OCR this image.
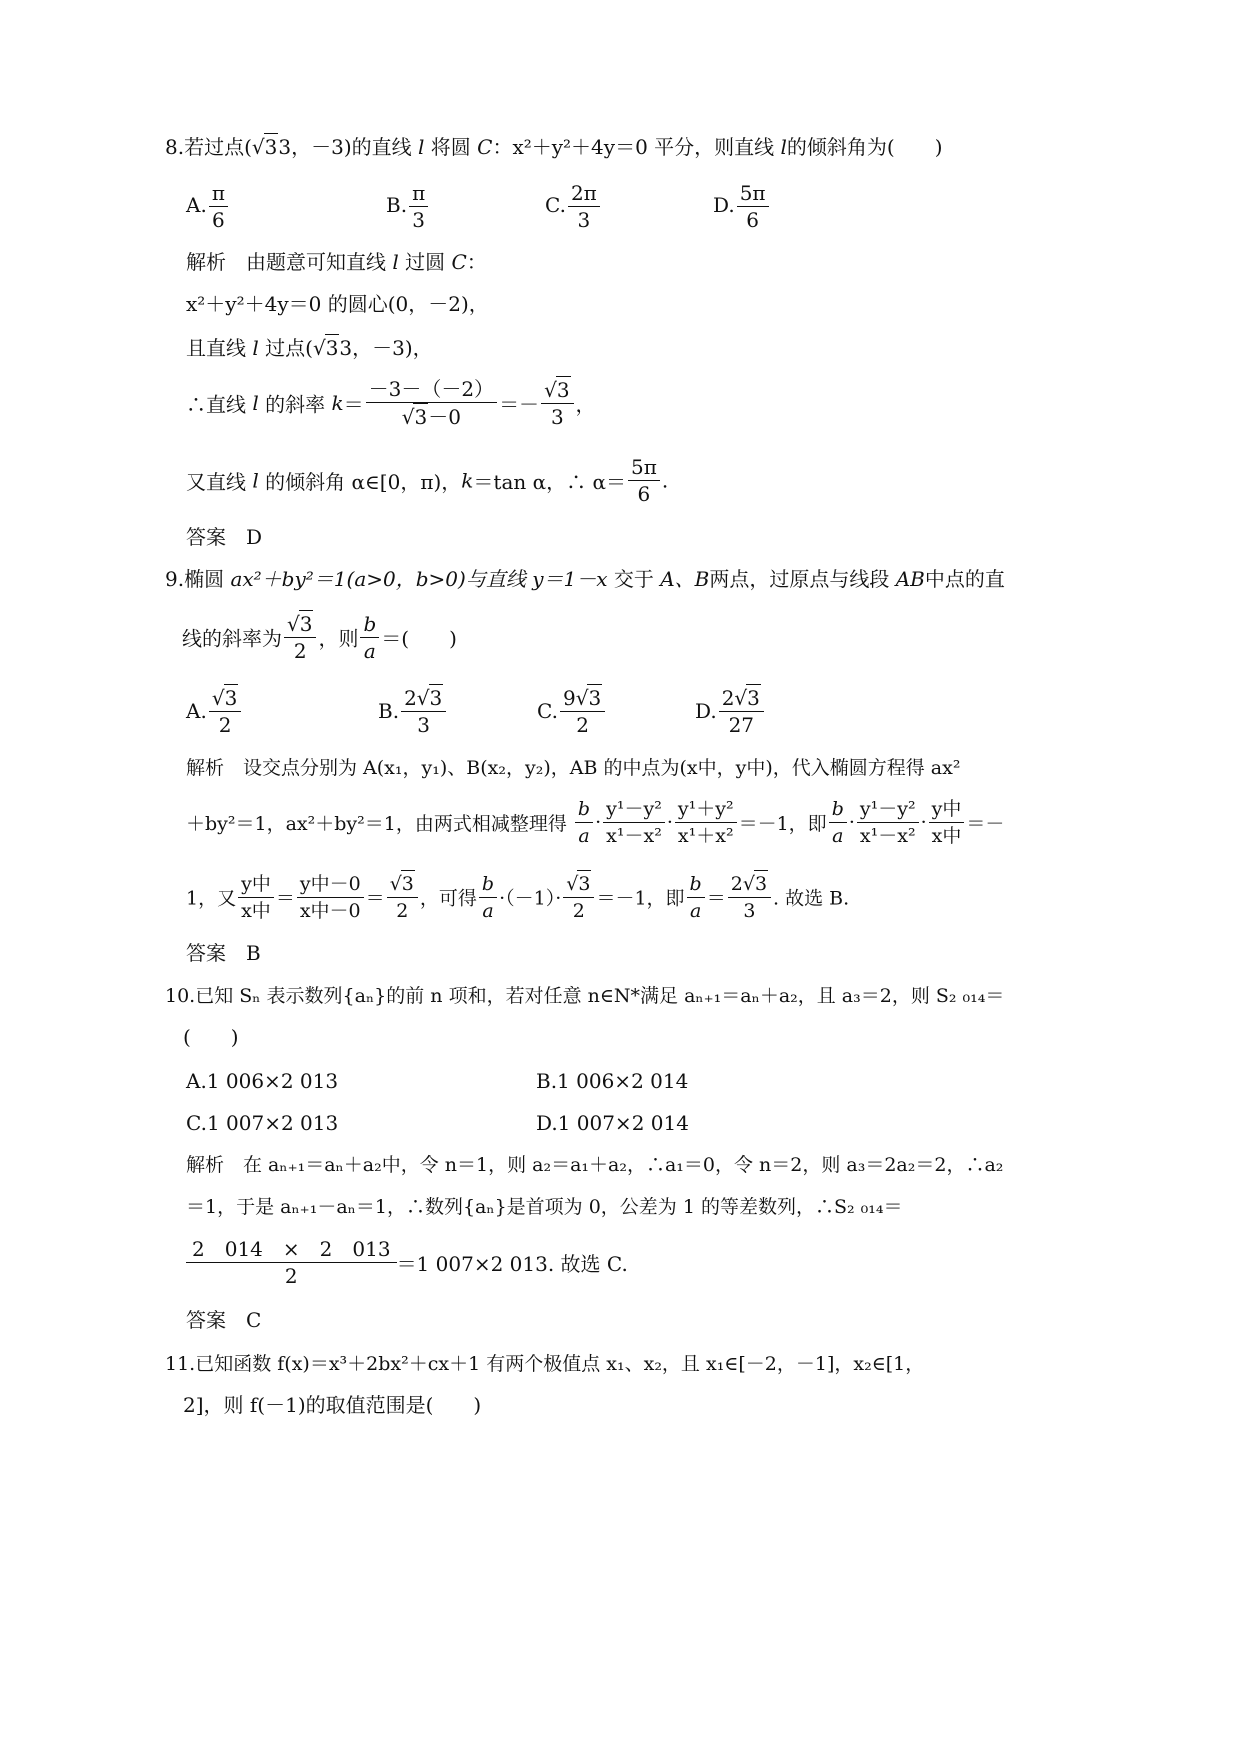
8.若过点(√33，－3)的直线 l 将圆 C：x²＋y²＋4y＝0 平分，则直线 l的倾斜角为(　　)
A. $\frac{\pi}{6}$	B. $\frac{\pi}{3}$	C. $\frac{2\pi}{3}$	D. $\frac{5\pi}{6}$
解析　由题意可知直线 l 过圆 C：
x²＋y²＋4y＝0 的圆心(0，－2)，
且直线 l 过点(√33，－3)，
∴直线 l 的斜率 $k= \frac{-3-(-2)}{√3-0} =- \frac{√3}{3}$ ，
又直线 l 的倾斜角 α∈[0，π)，k＝tan α，∴ $\alpha= \frac{5\pi}{6}$ .
答案　D
9.椭圆 ax²＋by²＝1(a>0，b>0)与直线 y＝1－x 交于 A、B两点，过原点与线段 AB中点的直
线的斜率为 $\frac{√3}{2}$ ，则 $\frac{b}{a}$ ＝(　　)
A. $\frac{√3}{2}$	B. $\frac{2√3}{3}$	C. $\frac{9√3}{2}$	D. $\frac{2√3}{27}$
解析　设交点分别为 A(x₁，y₁)、B(x₂，y₂)，AB 的中点为(x中，y中)，代入椭圆方程得 ax²
＋by²＝1，ax²＋by²＝1，由两式相减整理得 $\frac{b}{a} \cdot \frac{\text{y¹－y²}}{\text{x¹－x²}} \cdot \frac{\text{y¹＋y²}}{\text{x¹＋x²}} =-1$，即 $\frac{b}{a} \cdot \frac{\text{y¹－y²}}{\text{x¹－x²}} \cdot \frac{\text{y中}}{\text{x中}}$ ＝－
1，又 $\frac{\text{y中}}{\text{x中}} = \frac{\text{y中－0}}{\text{x中－0}} = \frac{√3}{2}$ ，可得 $\frac{b}{a} \cdot(-1)\cdot \frac{√3}{2} =-1$，即 $\frac{b}{a} = \frac{2√3}{3}$ . 故选 B.
答案　B
10.已知 Sₙ 表示数列{aₙ}的前 n 项和，若对任意 n∈N*满足 aₙ₊₁＝aₙ＋a₂，且 a₃＝2，则 S₂ ₀₁₄＝
(　　)
A.1 006×2 013	B.1 006×2 014
C.1 007×2 013	D.1 007×2 014
解析　在 aₙ₊₁＝aₙ＋a₂中，令 n＝1，则 a₂＝a₁＋a₂，∴a₁＝0，令 n＝2，则 a₃＝2a₂＝2，∴a₂
＝1，于是 aₙ₊₁－aₙ＝1，∴数列{aₙ}是首项为 0，公差为 1 的等差数列，∴S₂ ₀₁₄＝
$\frac{2 014 \times 2 013}{2} =1$ 007×2 013. 故选 C.
答案　C
11.已知函数 f(x)＝x³＋2bx²＋cx＋1 有两个极值点 x₁、x₂，且 x₁∈[－2，－1]，x₂∈[1，
2]，则 f(－1)的取值范围是(　　)
